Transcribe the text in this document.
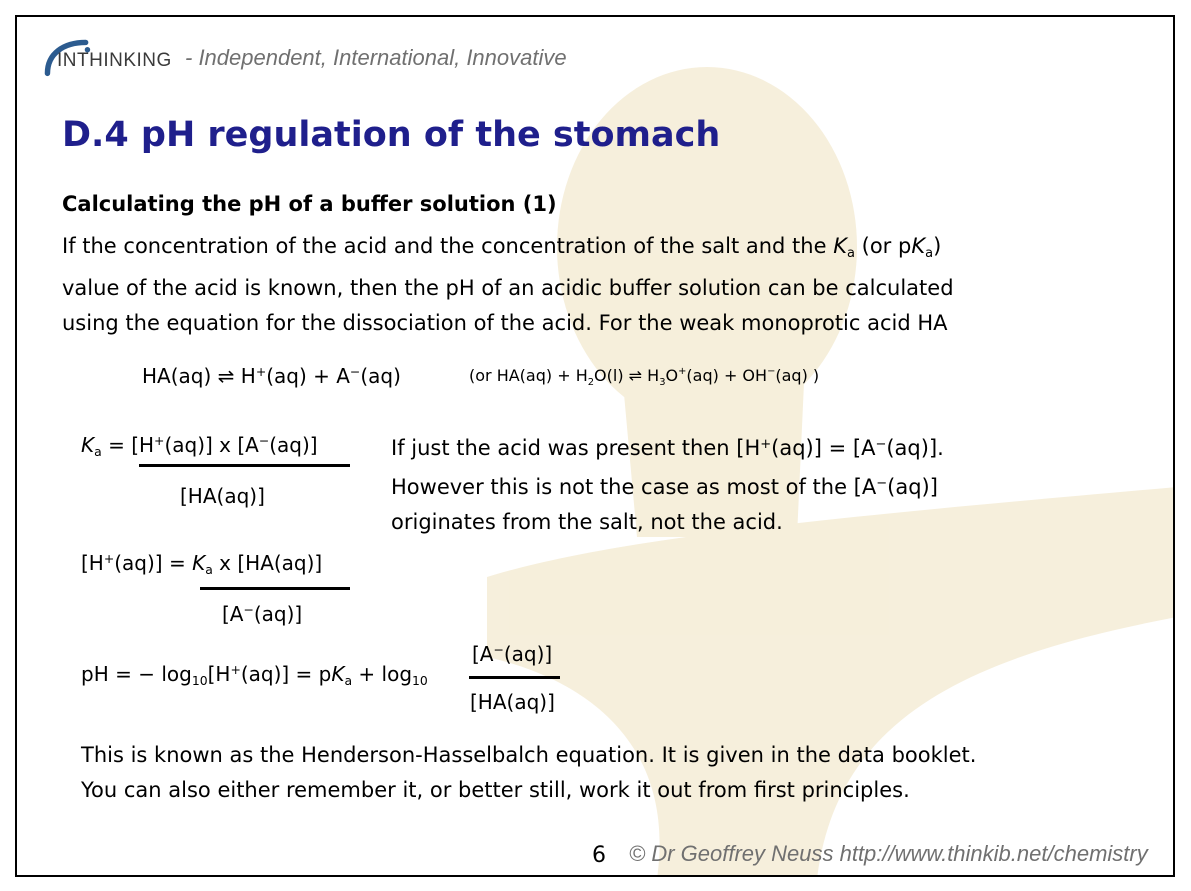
INTHINKING - Independent, International, Innovative
D.4 pH regulation of the stomach
Calculating the pH of a buffer solution (1)
If the concentration of the acid and the concentration of the salt and the $K_a$ (or $pK_a$)
value of the acid is known, then the pH of an acidic buffer solution can be calculated
using the equation for the dissociation of the acid. For the weak monoprotic acid HA
HA(aq) ⇌ H+(aq) + A−(aq)	(or $HA(aq) + H_2O(l)$ ⇌ $H_3O^+(aq) + OH^-(aq)$ )
$K_a = [H^+(aq)]$ x [A−(aq)]
[HA(aq)]
If just the acid was present then [H+(aq)] = [A−(aq)].
However this is not the case as most of the [A−(aq)]
originates from the salt, not the acid.
$[H^+(aq)] = K_a$ x [HA(aq)]
[A−(aq)]
pH = − $\log_{10}[H^+(aq)] = pK_a + \log_{10}$
[A−(aq)]
[HA(aq)]
This is known as the Henderson-Hasselbalch equation. It is given in the data booklet.
You can also either remember it, or better still, work it out from first principles.
6 © Dr Geoffrey Neuss http://www.thinkib.net/chemistry
